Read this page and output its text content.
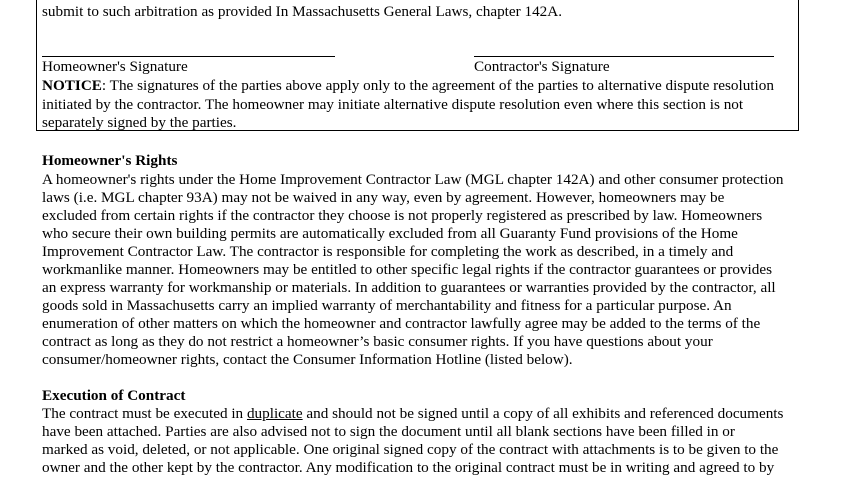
submit to such arbitration as provided In Massachusetts General Laws, chapter 142A.
Homeowner's Signature	Contractor's Signature
NOTICE: The signatures of the parties above apply only to the agreement of the parties to alternative dispute resolution
initiated by the contractor. The homeowner may initiate alternative dispute resolution even where this section is not
separately signed by the parties.
Homeowner's Rights
A homeowner's rights under the Home Improvement Contractor Law (MGL chapter 142A) and other consumer protection
laws (i.e. MGL chapter 93A) may not be waived in any way, even by agreement. However, homeowners may be
excluded from certain rights if the contractor they choose is not properly registered as prescribed by law. Homeowners
who secure their own building permits are automatically excluded from all Guaranty Fund provisions of the Home
Improvement Contractor Law. The contractor is responsible for completing the work as described, in a timely and
workmanlike manner. Homeowners may be entitled to other specific legal rights if the contractor guarantees or provides
an express warranty for workmanship or materials. In addition to guarantees or warranties provided by the contractor, all
goods sold in Massachusetts carry an implied warranty of merchantability and fitness for a particular purpose. An
enumeration of other matters on which the homeowner and contractor lawfully agree may be added to the terms of the
contract as long as they do not restrict a homeowner’s basic consumer rights. If you have questions about your
consumer/homeowner rights, contact the Consumer Information Hotline (listed below).
Execution of Contract
The contract must be executed in duplicate and should not be signed until a copy of all exhibits and referenced documents
have been attached. Parties are also advised not to sign the document until all blank sections have been filled in or
marked as void, deleted, or not applicable. One original signed copy of the contract with attachments is to be given to the
owner and the other kept by the contractor. Any modification to the original contract must be in writing and agreed to by
